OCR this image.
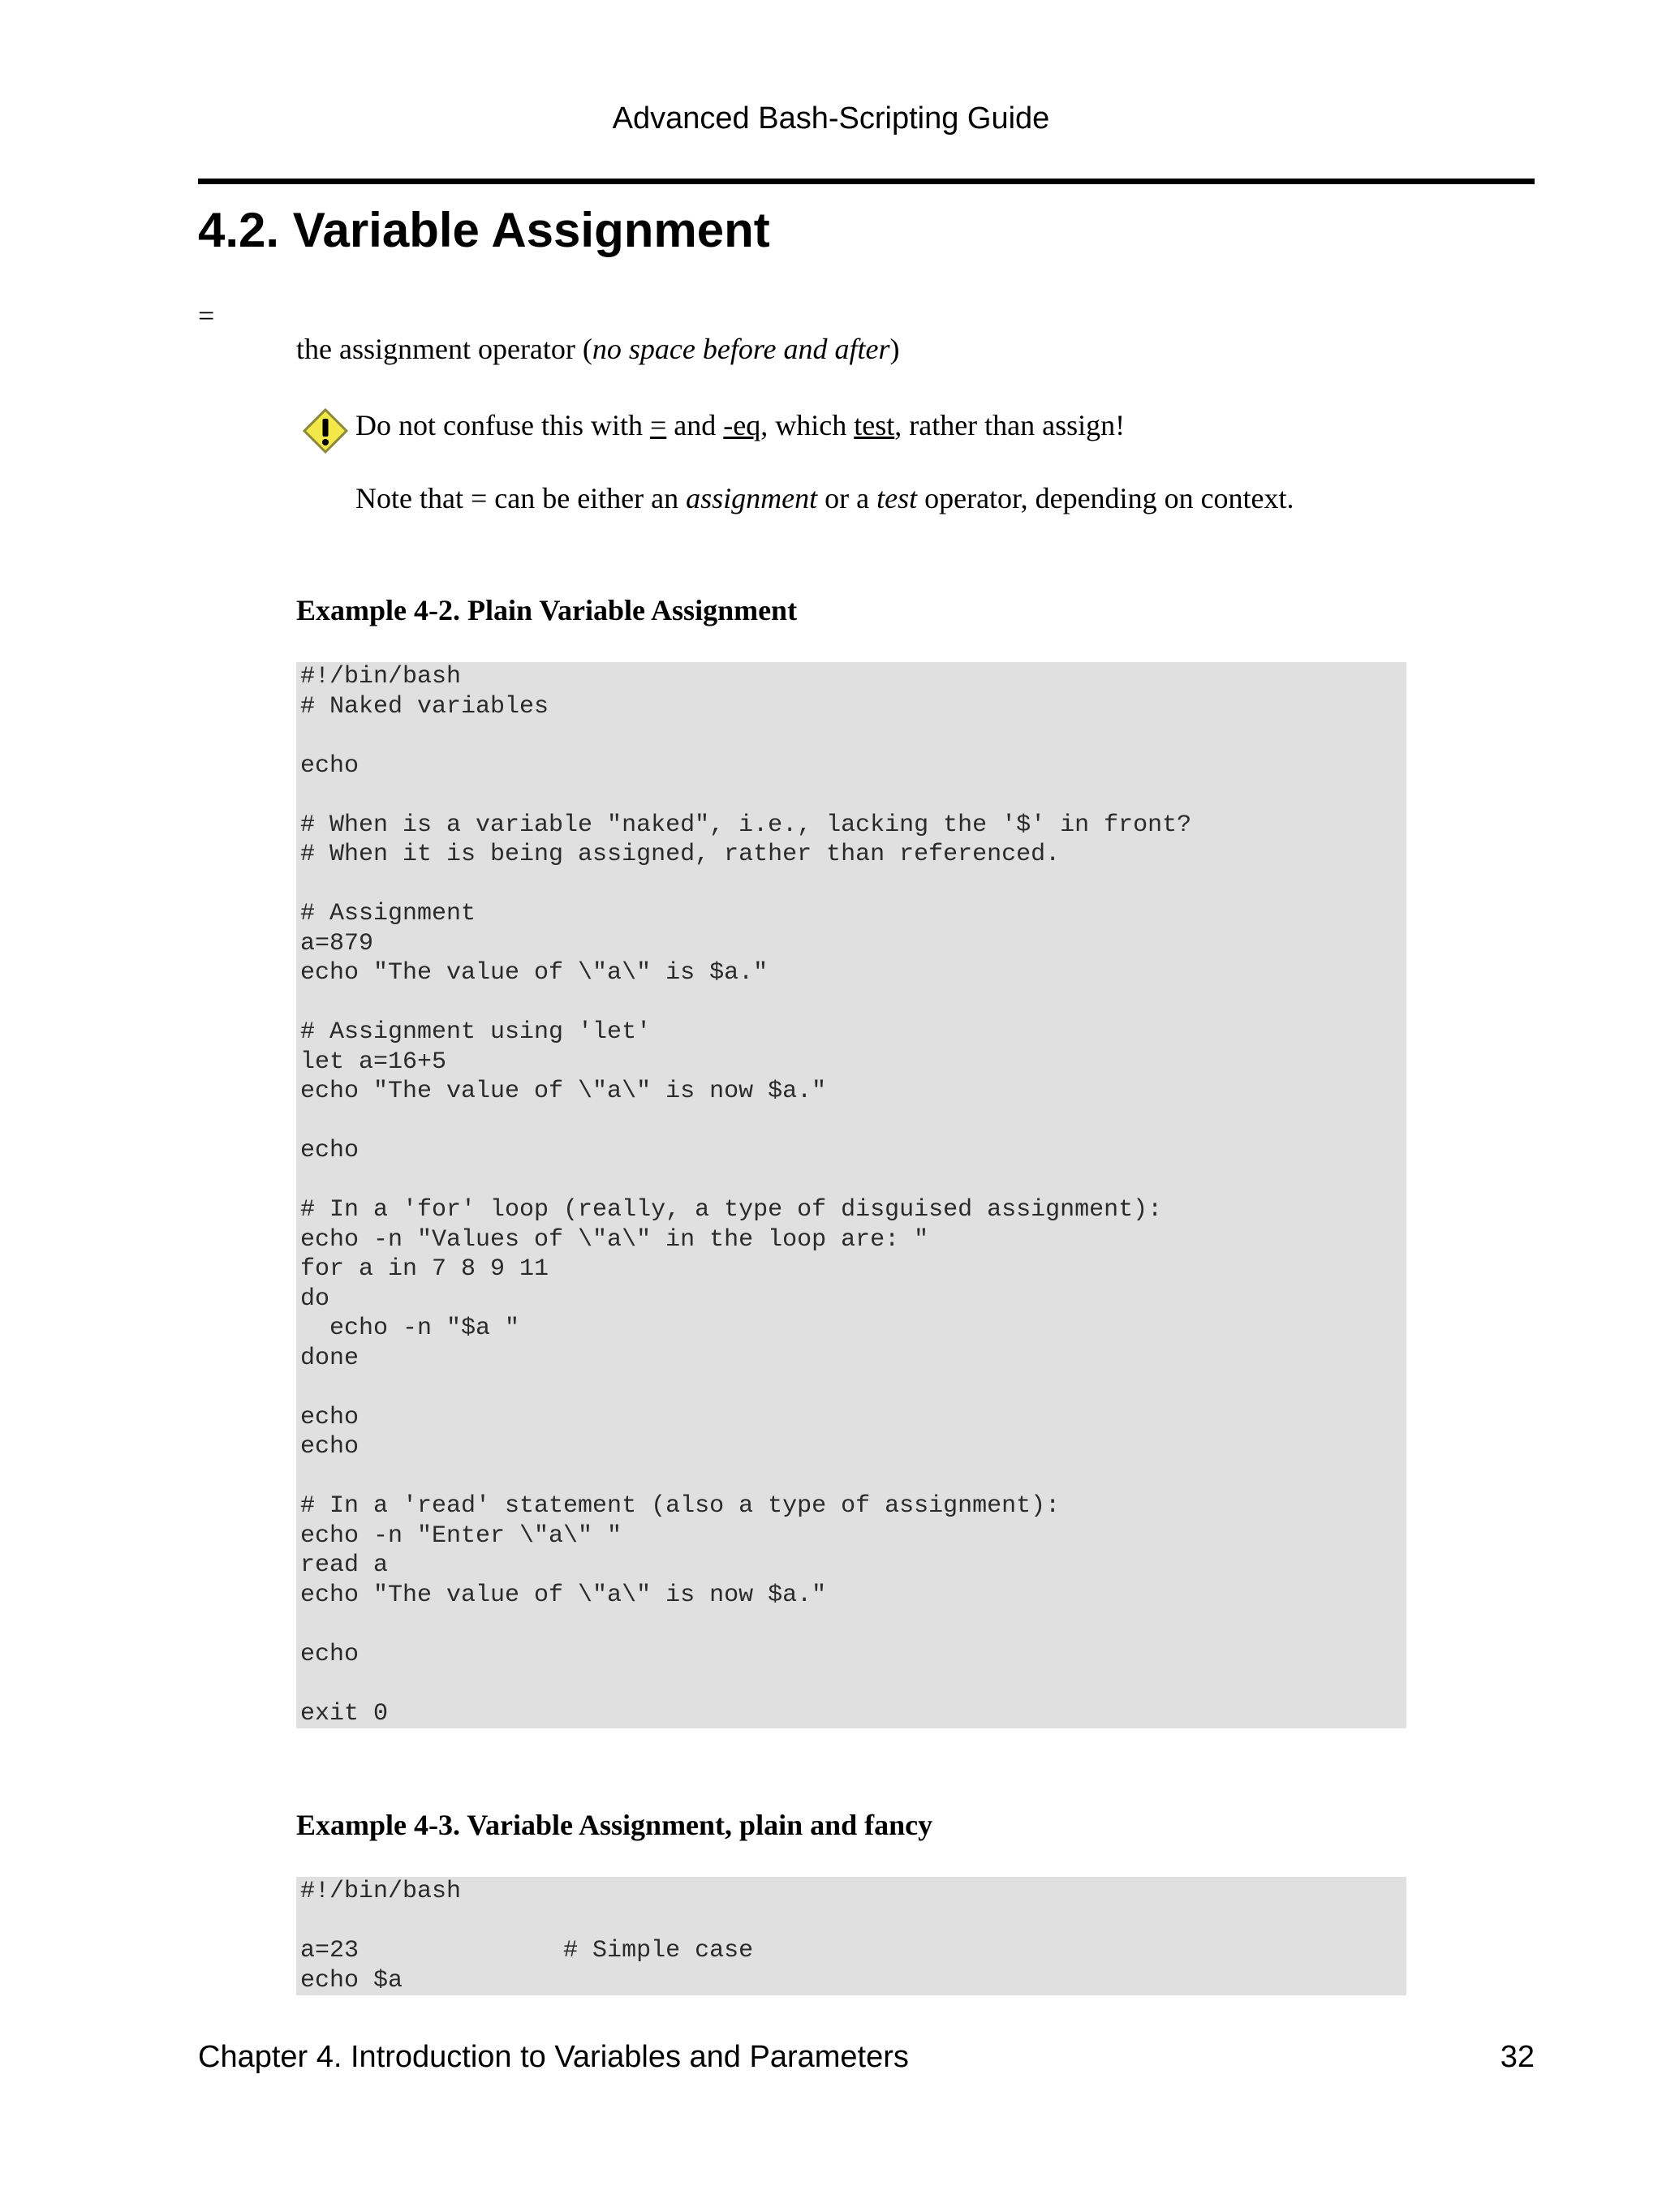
Advanced Bash-Scripting Guide
4.2. Variable Assignment
=
the assignment operator (no space before and after)
Do not confuse this with = and -eq, which test, rather than assign!
Note that = can be either an assignment or a test operator, depending on context.
Example 4-2. Plain Variable Assignment
#!/bin/bash
# Naked variables
echo
# When is a variable "naked", i.e., lacking the '$' in front?
# When it is being assigned, rather than referenced.
# Assignment
a=879
echo "The value of \"a\" is $a."
# Assignment using 'let'
let a=16+5
echo "The value of \"a\" is now $a."
echo
# In a 'for' loop (really, a type of disguised assignment):
echo -n "Values of \"a\" in the loop are: "
for a in 7 8 9 11
do
echo -n "$a "
done
echo
echo
# In a 'read' statement (also a type of assignment):
echo -n "Enter \"a\" "
read a
echo "The value of \"a\" is now $a."
echo
exit 0
Example 4-3. Variable Assignment, plain and fancy
#!/bin/bash
a=23              # Simple case
echo $a
Chapter 4. Introduction to Variables and Parameters	32
